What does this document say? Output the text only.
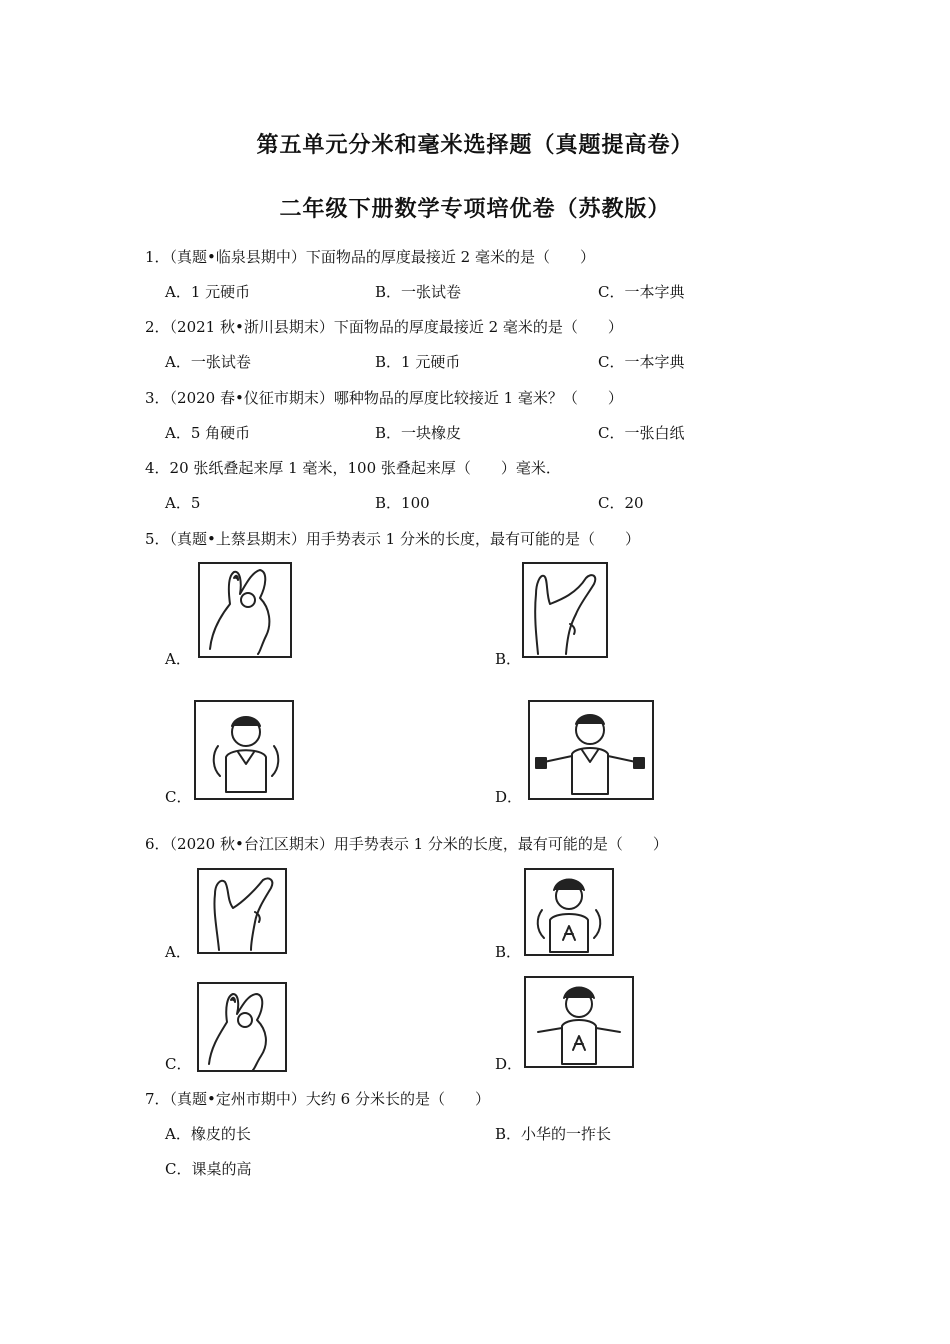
第五单元分米和毫米选择题（真题提高卷）
二年级下册数学专项培优卷（苏教版）
1．（真题•临泉县期中）下面物品的厚度最接近 2 毫米的是（　　）
A．1 元硬币	B．一张试卷	C．一本字典
2．（2021 秋•浙川县期末）下面物品的厚度最接近 2 毫米的是（　　）
A．一张试卷	B．1 元硬币	C．一本字典
3．（2020 春•仪征市期末）哪种物品的厚度比较接近 1 毫米？（　　）
A．5 角硬币	B．一块橡皮	C．一张白纸
4．20 张纸叠起来厚 1 毫米，100 张叠起来厚（　　）毫米．
A．5	B．100	C．20
5．（真题•上蔡县期末）用手势表示 1 分米的长度，最有可能的是（　　）
A．	B．
C．	D．
6．（2020 秋•台江区期末）用手势表示 1 分米的长度，最有可能的是（　　）
A．	B．
C．	D．
7．（真题•定州市期中）大约 6 分米长的是（　　）
A．橡皮的长	B．小华的一拃长
C．课桌的高
